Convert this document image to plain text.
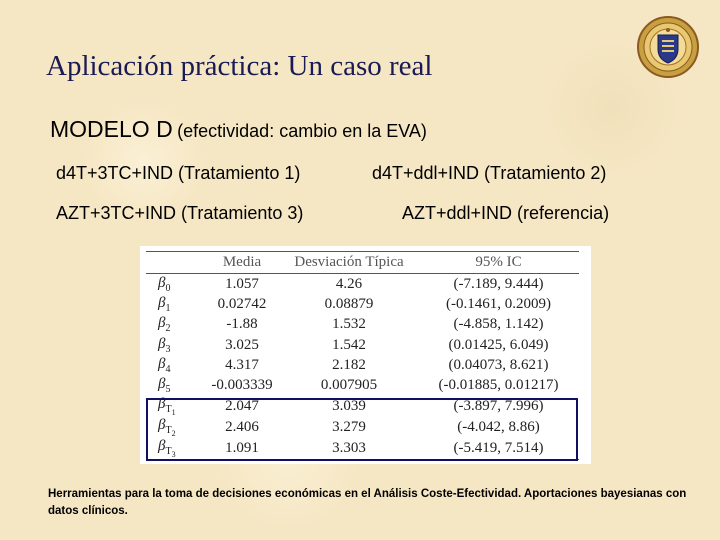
Aplicación práctica: Un caso real
MODELO D (efectividad: cambio en la EVA)
d4T+3TC+IND (Tratamiento 1)	d4T+ddl+IND (Tratamiento 2)
AZT+3TC+IND (Tratamiento 3)	AZT+ddl+IND (referencia)
	Media	Desviación Típica	95% IC
$\beta_0$	1.057	4.26	(-7.189, 9.444)
$\beta_1$	0.02742	0.08879	(-0.1461, 0.2009)
$\beta_2$	-1.88	1.532	(-4.858, 1.142)
$\beta_3$	3.025	1.542	(0.01425, 6.049)
$\beta_4$	4.317	2.182	(0.04073, 8.621)
$\beta_5$	-0.003339	0.007905	(-0.01885, 0.01217)
$\beta_{T_1}$	2.047	3.039	(-3.897, 7.996)
$\beta_{T_2}$	2.406	3.279	(-4.042, 8.86)
$\beta_{T_3}$	1.091	3.303	(-5.419, 7.514)
Herramientas para la toma de decisiones económicas en el Análisis Coste-Efectividad. Aportaciones bayesianas con datos clínicos.
